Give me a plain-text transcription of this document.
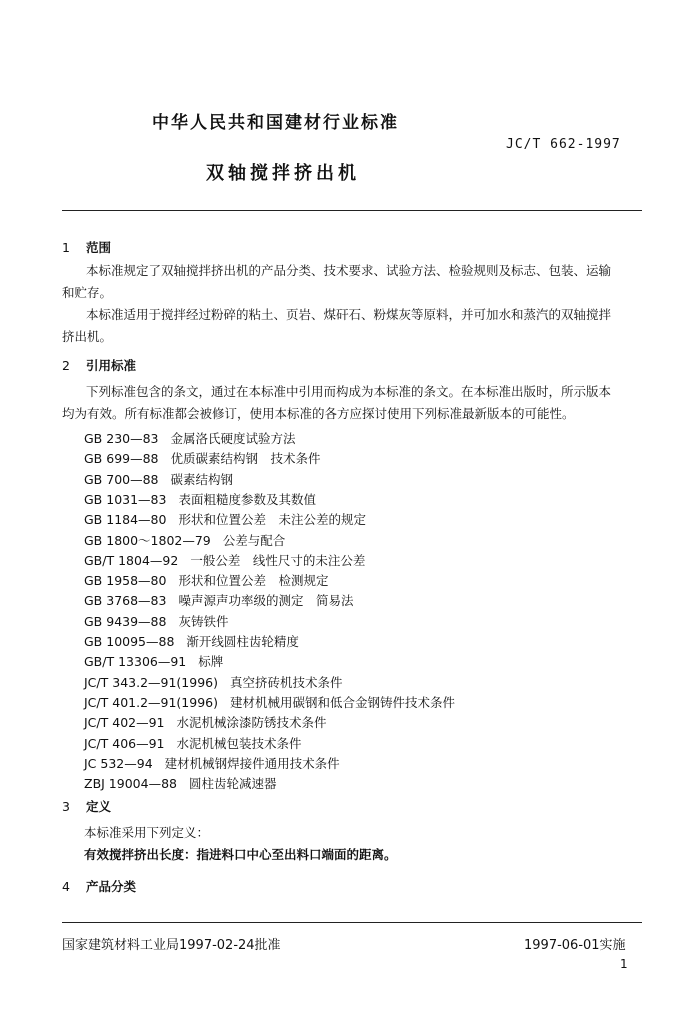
中华人民共和国建材行业标准
JC/T 662-1997
双轴搅拌挤出机
1 范围
本标准规定了双轴搅拌挤出机的产品分类、技术要求、试验方法、检验规则及标志、包装、运输和贮存。
本标准适用于搅拌经过粉碎的粘土、页岩、煤矸石、粉煤灰等原料，并可加水和蒸汽的双轴搅拌挤出机。
2 引用标准
下列标准包含的条文，通过在本标准中引用而构成为本标准的条文。在本标准出版时，所示版本均为有效。所有标准都会被修订，使用本标准的各方应探讨使用下列标准最新版本的可能性。
GB 230—83 金属洛氏硬度试验方法
GB 699—88 优质碳素结构钢　技术条件
GB 700—88 碳素结构钢
GB 1031—83 表面粗糙度参数及其数值
GB 1184—80 形状和位置公差　未注公差的规定
GB 1800～1802—79 公差与配合
GB/T 1804—92 一般公差　线性尺寸的未注公差
GB 1958—80 形状和位置公差　检测规定
GB 3768—83 噪声源声功率级的测定　简易法
GB 9439—88 灰铸铁件
GB 10095—88 渐开线圆柱齿轮精度
GB/T 13306—91 标牌
JC/T 343.2—91(1996) 真空挤砖机技术条件
JC/T 401.2—91(1996) 建材机械用碳钢和低合金钢铸件技术条件
JC/T 402—91 水泥机械涂漆防锈技术条件
JC/T 406—91 水泥机械包装技术条件
JC 532—94 建材机械钢焊接件通用技术条件
ZBJ 19004—88 圆柱齿轮减速器
3 定义
本标准采用下列定义：
有效搅拌挤出长度：指进料口中心至出料口端面的距离。
4 产品分类
国家建筑材料工业局1997-02-24批准	1997-06-01实施
1
